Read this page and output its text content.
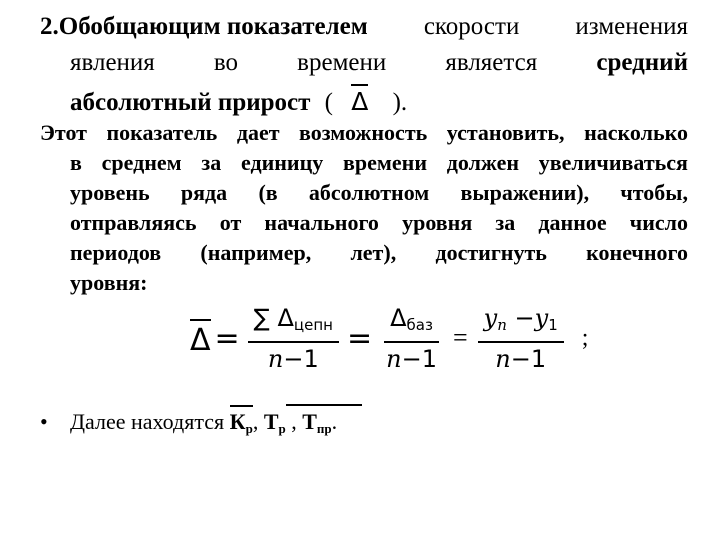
2.Обобщающим показателем скорости изменения
явления во времени является средний
абсолютный прирост ( Δ ).
Этот показатель дает возможность установить, насколько
в среднем за единицу времени должен увеличиваться
уровень ряда (в абсолютном выражении), чтобы,
отправляясь от начального уровня за данное число
периодов (например, лет), достигнуть конечного
уровня:
$\Delta = \frac{\sum \Delta_{цепн}}{n-1} = \frac{\Delta_{баз}}{n-1} = \frac{y_n -y_1}{n-1}$ ;
• Далее находятся Кр, Тр , Тпр.
